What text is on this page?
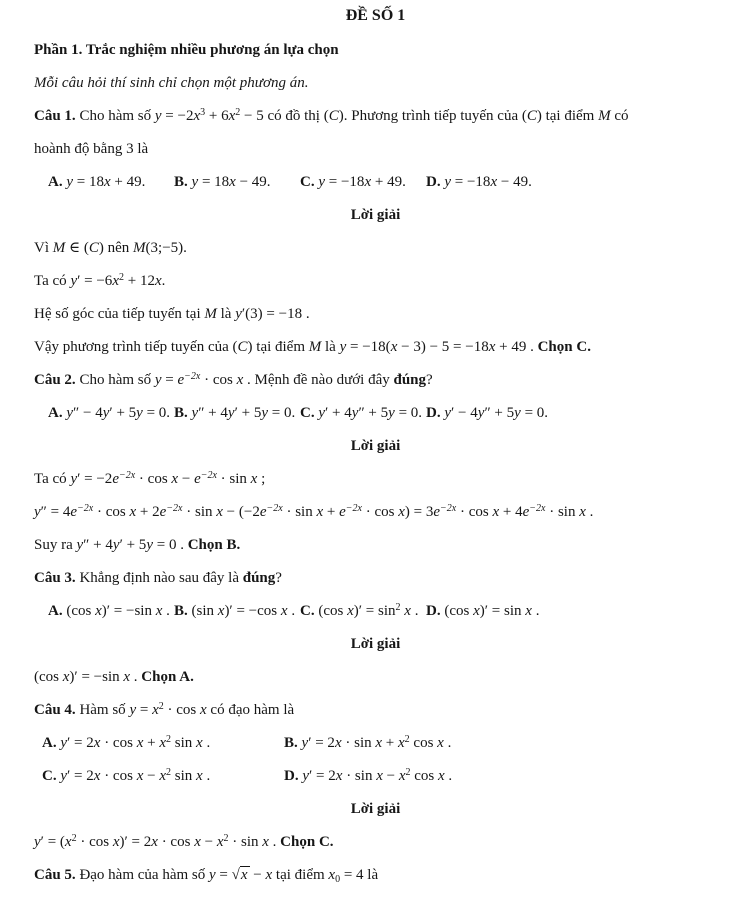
ĐỀ SỐ 1
Phần 1. Trắc nghiệm nhiều phương án lựa chọn
Mỗi câu hỏi thí sinh chỉ chọn một phương án.
Câu 1. Cho hàm số $y = -2x^3 + 6x^2 - 5$ có đồ thị (C). Phương trình tiếp tuyến của (C) tại điểm M có
hoành độ bằng 3 là
A. y = 18x + 49.	B. y = 18x − 49.	C. y = −18x + 49.	D. y = −18x − 49.
Lời giải
Vì M ∈ (C) nên M(3;−5).
Ta có $y' = -6x^2 + 12x$.
Hệ số góc của tiếp tuyến tại M là y′(3) = −18 .
Vậy phương trình tiếp tuyến của (C) tại điểm M là y = −18(x − 3) − 5 = −18x + 49 . Chọn C.
Câu 2. Cho hàm số $y = e^{-2x} \cdot \cos x$ . Mệnh đề nào dưới đây đúng?
A. y″ − 4y′ + 5y = 0. B. y″ + 4y′ + 5y = 0. C. y′ + 4y″ + 5y = 0. D. y′ − 4y″ + 5y = 0.
Lời giải
Ta có $y' = -2e^{-2x} \cdot \cos x - e^{-2x} \cdot \sin x$ ;
$y'' = 4e^{-2x} \cdot \cos x + 2e^{-2x} \cdot \sin x - (-2e^{-2x} \cdot \sin x + e^{-2x} \cdot \cos x) = 3e^{-2x} \cdot \cos x + 4e^{-2x} \cdot \sin x$ .
Suy ra y″ + 4y′ + 5y = 0 . Chọn B.
Câu 3. Khẳng định nào sau đây là đúng?
A. (cos x)′ = −sin x . B. (sin x)′ = −cos x . C. (cos $x)' = \sin^2 x$ . D. (cos x)′ = sin x .
Lời giải
(cos x)′ = −sin x . Chọn A.
Câu 4. Hàm số $y = x^2 \cdot \cos x$ có đạo hàm là
A. $y' = 2x \cdot \cos x + x^2$ sin x .	B. $y' = 2x \cdot \sin x + x^2$ cos x .
C. $y' = 2x \cdot \cos x - x^2$ sin x .	D. $y' = 2x \cdot \sin x - x^2$ cos x .
Lời giải
$y' = (x^2 \cdot \cos x)' = 2x \cdot \cos x - x^2 \cdot \sin x$ . Chọn C.
Câu 5. Đạo hàm của hàm số y = √x − x tại điểm $x_0 = 4$ là
